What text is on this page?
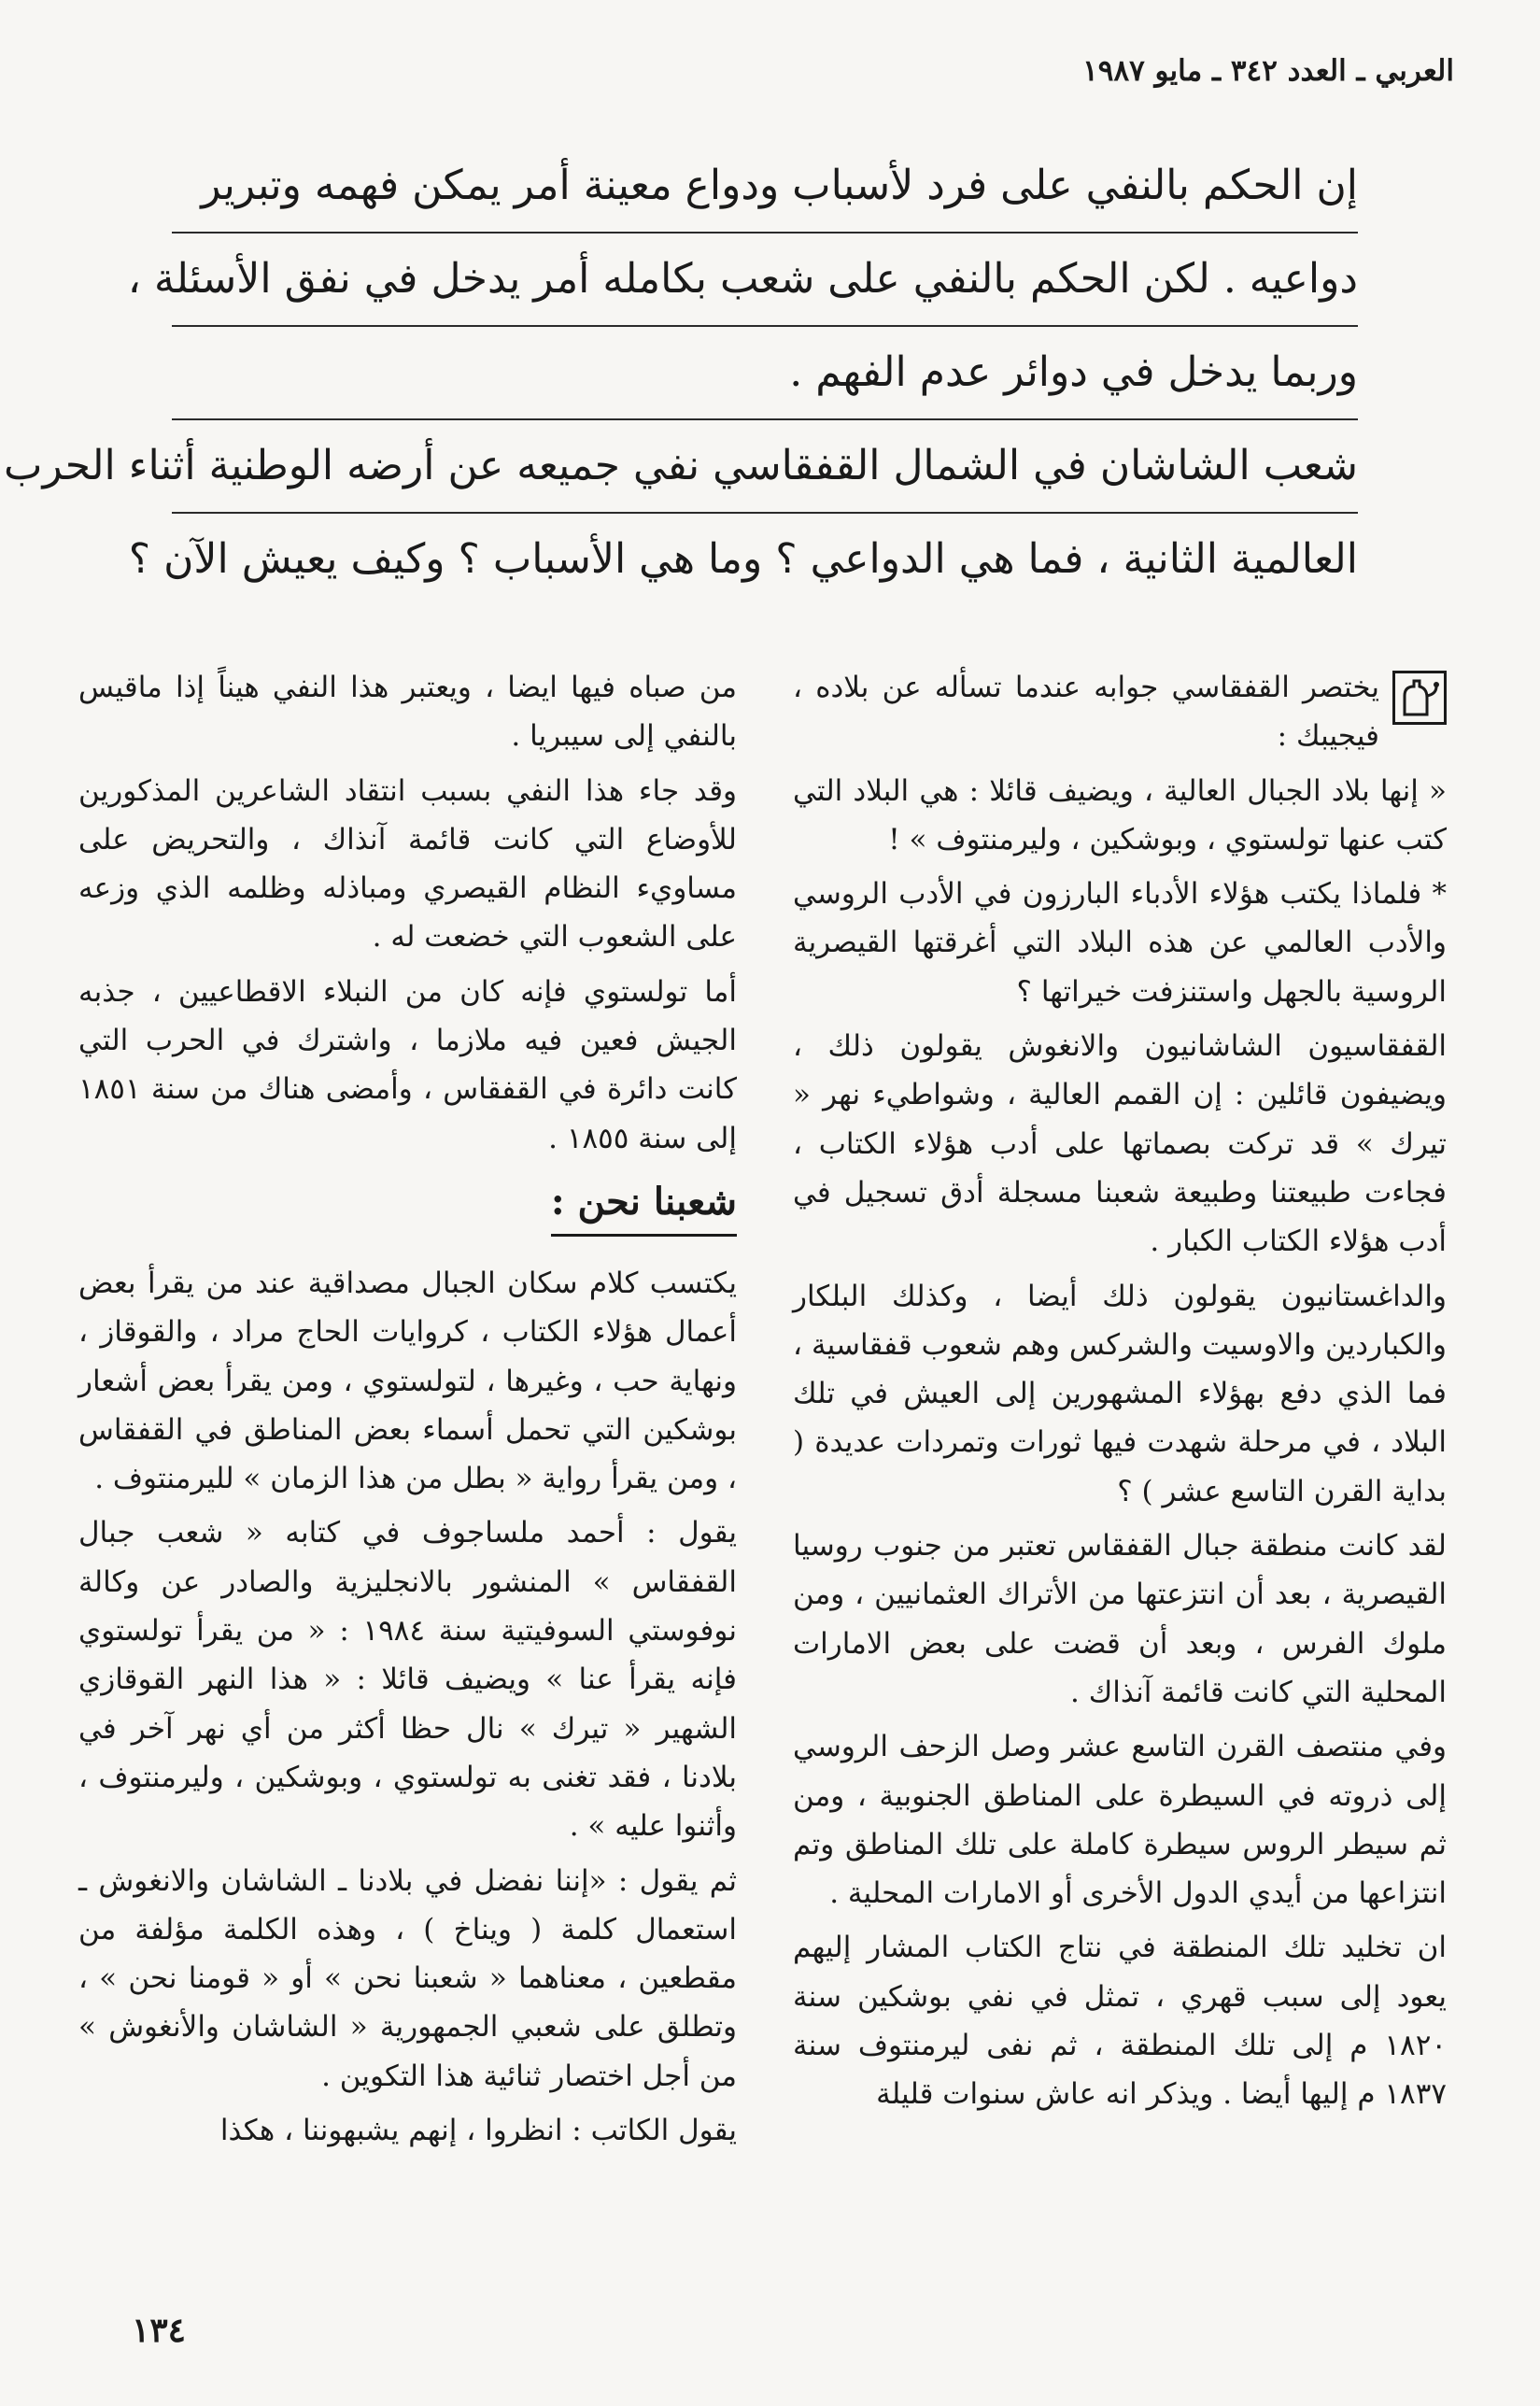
العربي ـ العدد ٣٤٢ ـ مايو ١٩٨٧
إن الحكم بالنفي على فرد لأسباب ودواع معينة أمر يمكن فهمه وتبرير
دواعيه . لكن الحكم بالنفي على شعب بكامله أمر يدخل في نفق الأسئلة ،
وربما يدخل في دوائر عدم الفهم .
شعب الشاشان في الشمال القفقاسي نفي جميعه عن أرضه الوطنية أثناء الحرب
العالمية الثانية ، فما هي الدواعي ؟ وما هي الأسباب ؟ وكيف يعيش الآن ؟

يختصر القفقاسي جوابه عندما تسأله عن بلاده ، فيجيبك :

« إنها بلاد الجبال العالية ، ويضيف قائلا : هي البلاد التي كتب عنها تولستوي ، وبوشكين ، وليرمنتوف » !

* فلماذا يكتب هؤلاء الأدباء البارزون في الأدب الروسي والأدب العالمي عن هذه البلاد التي أغرقتها القيصرية الروسية بالجهل واستنزفت خيراتها ؟

القفقاسيون الشاشانيون والانغوش يقولون ذلك ، ويضيفون قائلين : إن القمم العالية ، وشواطيء نهر « تيرك » قد تركت بصماتها على أدب هؤلاء الكتاب ، فجاءت طبيعتنا وطبيعة شعبنا مسجلة أدق تسجيل في أدب هؤلاء الكتاب الكبار .

والداغستانيون يقولون ذلك أيضا ، وكذلك البلكار والكباردين والاوسيت والشركس وهم شعوب قفقاسية ، فما الذي دفع بهؤلاء المشهورين إلى العيش في تلك البلاد ، في مرحلة شهدت فيها ثورات وتمردات عديدة ( بداية القرن التاسع عشر ) ؟

لقد كانت منطقة جبال القفقاس تعتبر من جنوب روسيا القيصرية ، بعد أن انتزعتها من الأتراك العثمانيين ، ومن ملوك الفرس ، وبعد أن قضت على بعض الامارات المحلية التي كانت قائمة آنذاك .

وفي منتصف القرن التاسع عشر وصل الزحف الروسي إلى ذروته في السيطرة على المناطق الجنوبية ، ومن ثم سيطر الروس سيطرة كاملة على تلك المناطق وتم انتزاعها من أيدي الدول الأخرى أو الامارات المحلية .

ان تخليد تلك المنطقة في نتاج الكتاب المشار إليهم يعود إلى سبب قهري ، تمثل في نفي بوشكين سنة ١٨٢٠ م إلى تلك المنطقة ، ثم نفى ليرمنتوف سنة ١٨٣٧ م إليها أيضا . ويذكر انه عاش سنوات قليلة

من صباه فيها ايضا ، ويعتبر هذا النفي هيناً إذا ماقيس بالنفي إلى سيبريا .

وقد جاء هذا النفي بسبب انتقاد الشاعرين المذكورين للأوضاع التي كانت قائمة آنذاك ، والتحريض على مساويء النظام القيصري ومباذله وظلمه الذي وزعه على الشعوب التي خضعت له .

أما تولستوي فإنه كان من النبلاء الاقطاعيين ، جذبه الجيش فعين فيه ملازما ، واشترك في الحرب التي كانت دائرة في القفقاس ، وأمضى هناك من سنة ١٨٥١ إلى سنة ١٨٥٥ .

شعبنا نحن :

يكتسب كلام سكان الجبال مصداقية عند من يقرأ بعض أعمال هؤلاء الكتاب ، كروايات الحاج مراد ، والقوقاز ، ونهاية حب ، وغيرها ، لتولستوي ، ومن يقرأ بعض أشعار بوشكين التي تحمل أسماء بعض المناطق في القفقاس ، ومن يقرأ رواية « بطل من هذا الزمان » لليرمنتوف .

يقول : أحمد ملساجوف في كتابه « شعب جبال القفقاس » المنشور بالانجليزية والصادر عن وكالة نوفوستي السوفيتية سنة ١٩٨٤ : « من يقرأ تولستوي فإنه يقرأ عنا » ويضيف قائلا : « هذا النهر القوقازي الشهير « تيرك » نال حظا أكثر من أي نهر آخر في بلادنا ، فقد تغنى به تولستوي ، وبوشكين ، وليرمنتوف ، وأثنوا عليه » .

ثم يقول : «إننا نفضل في بلادنا ـ الشاشان والانغوش ـ استعمال كلمة ( ويناخ ) ، وهذه الكلمة مؤلفة من مقطعين ، معناهما « شعبنا نحن » أو « قومنا نحن » ، وتطلق على شعبي الجمهورية « الشاشان والأنغوش » من أجل اختصار ثنائية هذا التكوين .

يقول الكاتب : انظروا ، إنهم يشبهوننا ، هكذا

١٣٤
